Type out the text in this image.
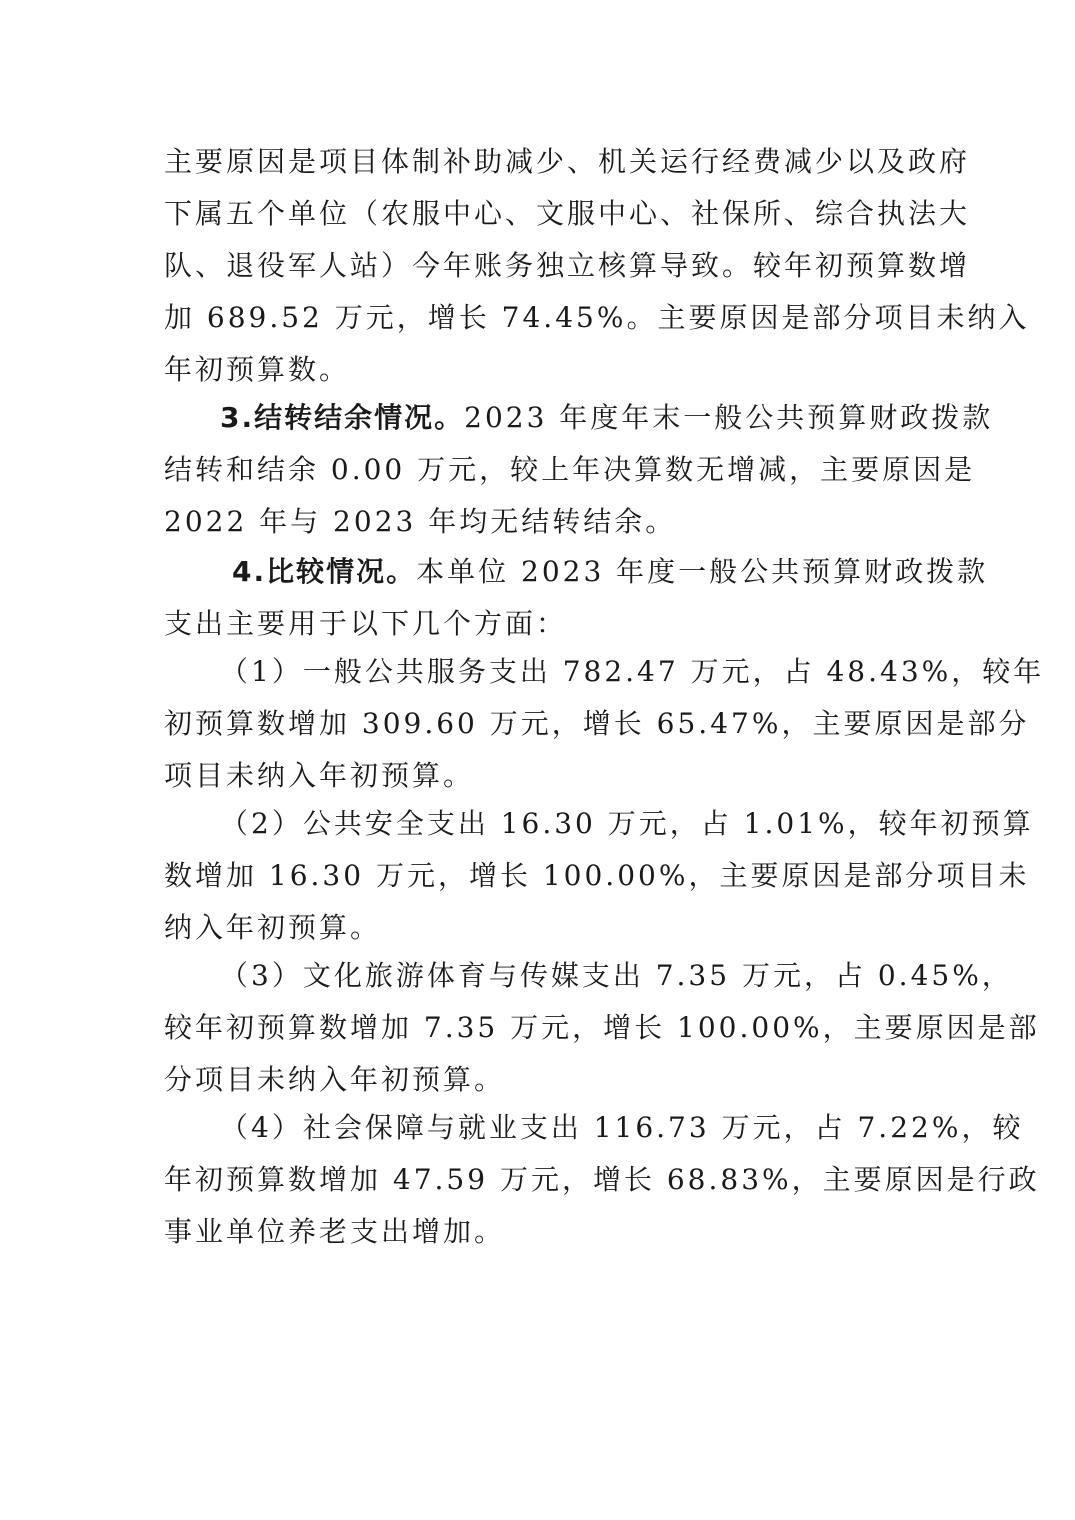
主要原因是项目体制补助减少、机关运行经费减少以及政府
下属五个单位（农服中心、文服中心、社保所、综合执法大
队、退役军人站）今年账务独立核算导致。较年初预算数增
加 689.52 万元，增长 74.45%。主要原因是部分项目未纳入
年初预算数。
3.结转结余情况。2023 年度年末一般公共预算财政拨款
结转和结余 0.00 万元，较上年决算数无增减，主要原因是
2022 年与 2023 年均无结转结余。
4.比较情况。本单位 2023 年度一般公共预算财政拨款
支出主要用于以下几个方面：
（1）一般公共服务支出 782.47 万元，占 48.43%，较年
初预算数增加 309.60 万元，增长 65.47%，主要原因是部分
项目未纳入年初预算。
（2）公共安全支出 16.30 万元，占 1.01%，较年初预算
数增加 16.30 万元，增长 100.00%，主要原因是部分项目未
纳入年初预算。
（3）文化旅游体育与传媒支出 7.35 万元，占 0.45%，
较年初预算数增加 7.35 万元，增长 100.00%，主要原因是部
分项目未纳入年初预算。
（4）社会保障与就业支出 116.73 万元，占 7.22%，较
年初预算数增加 47.59 万元，增长 68.83%，主要原因是行政
事业单位养老支出增加。
